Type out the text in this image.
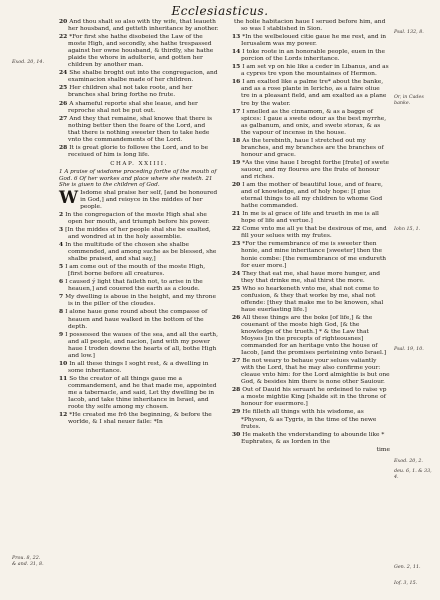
Ecclesiasticus.
Exod. 20, 14.
Prou. 8, 22.
& and. 31, 8.
Psal. 132, 8.
Or, in Cades banke.
Iohn 15, 1.
Psal. 19, 10.
Exod. 20, 2.
deu. 6, 1. & 33, 4.
Gen. 2, 11.
Iof. 3, 15.

20 And thou shalt so also with thy wife, that leaueth her housband, and getteth inheritance by another.

22 *For first she hathe disobeied the Law of the moste High, and secondly, she hathe trespassed against her owne housband, & thirdly, she hathe plaide the whore in adulterie, and gotten her children by another man.

24 She shalbe broght out into the congregacion, and examinacion shalbe made of her children.

25 Her children shal not take roote, and her branches shal bring forthe no frute.

26 A shameful reporte shal she leaue, and her reproche shal not be put out.

27 And they that remaine, shal knowe that there is nothing better then the feare of the Lord, and that there is nothing sweeter then to take hede vnto the commandements of the Lord.

28 It is great glorie to followe the Lord, and to be receiued of him is long life.

CHAP. XXIIII.
1 A praise of wisdome proceding forthe of the mouth of God. 6 Of her workes and place where she resteth. 21 She is giuen to the children of God.

W Isdome shal praise her self, [and be honoured in God,] and reioyce in the middes of her people.

2 In the congregacion of the moste High shal she open her mouth, and triumph before his power.

3 [In the middes of her people shal she be exalted, and wondred at in the holy assemblie.

4 In the multitude of the chosen she shalbe commended, and among suche as be blessed, she shalbe praised, and shal say,]

5 I am come out of the mouth of the moste High, [first borne before all creatures.

6 I caused ý light that faileth not, to arise in the heauen,] and couered the earth as a cloude.

7 My dwelling is aboue in the height, and my throne is in the piller of the cloudes.

8 I alone haue gone round about the compasse of heauen and haue walked in the bottom of the depth.

9 I possessed the waues of the sea, and all the earth, and all people, and nacion, [and with my power haue I troden downe the hearts of all, bothe High and low.]

10 In all these things I soght rest, & a dwelling in some inheritance.

11 So the creator of all things gaue me a commandement, and he that made me, appointed me a tabernacle, and said, Let thy dwelling be in Iacob, and take thine inheritance in Israel, and roote thy selfe among my chosen.

12 *He created me frō the beginning, & before the worlde, & I shal neuer faile: *In

the holie habitacion haue I serued before him, and so was I stablished in Sion.

13 *In the welbeloued citie gaue he me rest, and in Ierusalem was my power.

14 I toke roote in an honorable people, euen in the porcion of the Lords inheritance.

15 I am set vp on hie like a ceder in Libanus, and as a cypres tre vpon the mountaines of Hermon.

16 I am exalted like a palme tre* about the banke, and as a rose plante in Iericho, as a faire oliue tre in a pleasant field, and am exalted as a plane tre by the water.

17 I smelled as the cinnamom, & as a bagge of spices: I gaue a swete odour as the best myrrhe, as galbanum, and onix, and swete storax, & as the vapour of incense in the house.

18 As the terebinth, haue I stretched out my branches, and my branches are the branches of honour and grace.

19 *As the vine haue I broght forthe [frute] of swete sauour, and my floures are the frute of honour and riches.

20 I am the mother of beautiful loue, and of feare, and of knowledge, and of holy hope: [I giue eternal things to all my children to whome God hathe commanded.

21 In me is al grace of life and trueth in me is all hope of life and vertue.]

22 Come vnto me all ye that be desirous of me, and fill your selues with my frutes.

23 *For the remembrance of me is sweeter then honie, and mine inheritance [sweeter] then the honie combe: [the remembrance of me endureth for euer more.]

24 They that eat me, shal haue more hunger, and they that drinke me, shal thirst the more.

25 Who so hearkeneth vnto me, shal not come to confusion, & they that worke by me, shal not offende: [they that make me to be knowen, shal haue euerlasting life.]

26 All these things are the boke [of life,] & the couenant of the moste high God, [& the knowledge of the trueth.] * & the Law that Moyses [in the precepts of righteousnes] commanded for an heritage vnto the house of Iacob, [and the promises perteining vnto Israel.]

27 Be not weary to behaue your selues valiantly with the Lord, that he may also confirme your: cleaue vnto him: for the Lord almightie is but one God, & besides him there is none other Sauiour.

28 Out of Dauid his seruant he ordeined to raise vp a moste mightie King [shalde sit in the throne of honour for euermore.]

29 He filleth all things with his wisdome, as *Physon, & as Tygris, in the time of the newe frutes.

30 He maketh the vnderstanding to abounde like * Euphrates, & as Iorden in the

time
